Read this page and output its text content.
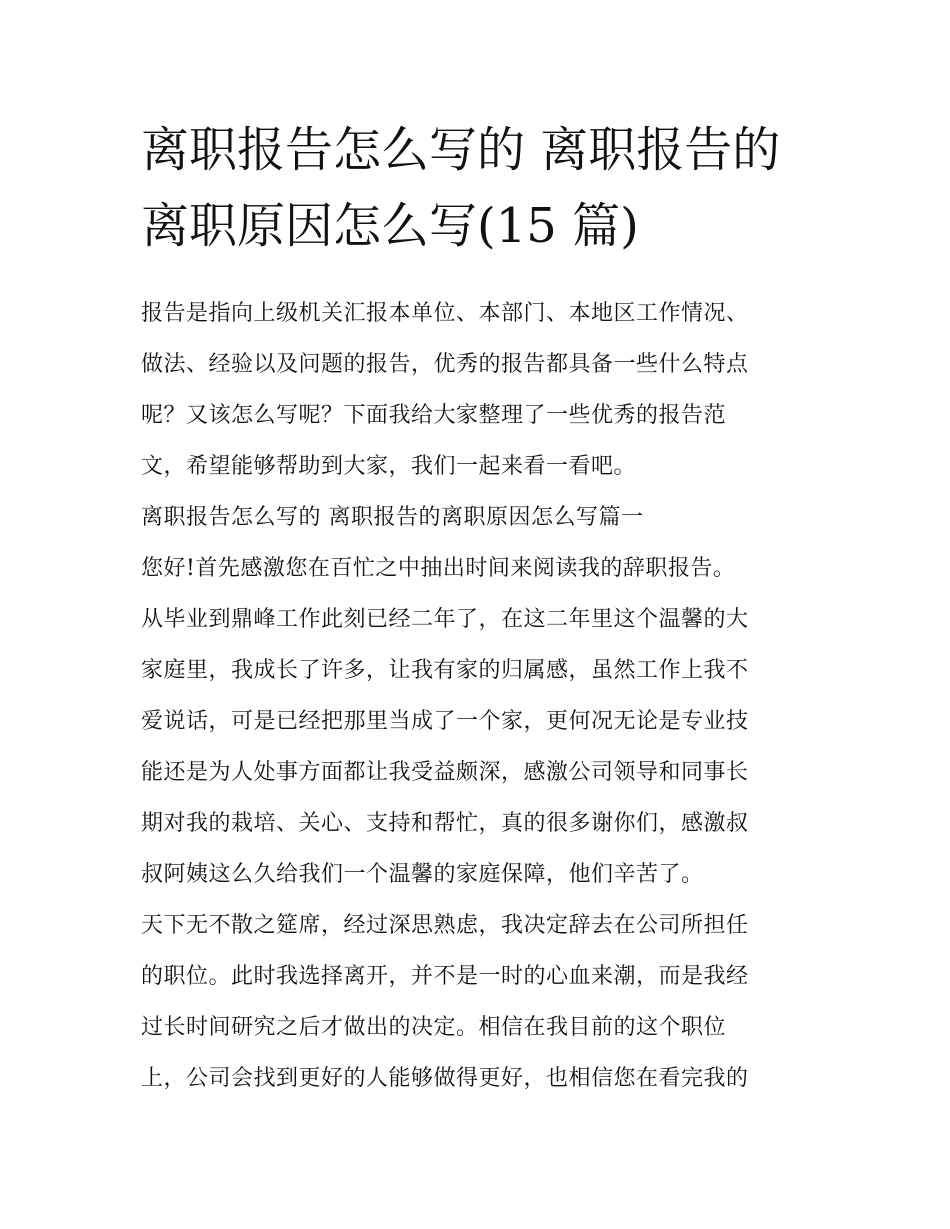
离职报告怎么写的 离职报告的
离职原因怎么写(15 篇)

报告是指向上级机关汇报本单位、本部门、本地区工作情况、
做法、经验以及问题的报告，优秀的报告都具备一些什么特点
呢？又该怎么写呢？下面我给大家整理了一些优秀的报告范
文，希望能够帮助到大家，我们一起来看一看吧。

离职报告怎么写的 离职报告的离职原因怎么写篇一

您好!首先感激您在百忙之中抽出时间来阅读我的辞职报告。

从毕业到鼎峰工作此刻已经二年了，在这二年里这个温馨的大
家庭里，我成长了许多，让我有家的归属感，虽然工作上我不
爱说话，可是已经把那里当成了一个家，更何况无论是专业技
能还是为人处事方面都让我受益颇深，感激公司领导和同事长
期对我的栽培、关心、支持和帮忙，真的很多谢你们，感激叔
叔阿姨这么久给我们一个温馨的家庭保障，他们辛苦了。

天下无不散之筵席，经过深思熟虑，我决定辞去在公司所担任
的职位。此时我选择离开，并不是一时的心血来潮，而是我经
过长时间研究之后才做出的决定。相信在我目前的这个职位
上，公司会找到更好的人能够做得更好，也相信您在看完我的
